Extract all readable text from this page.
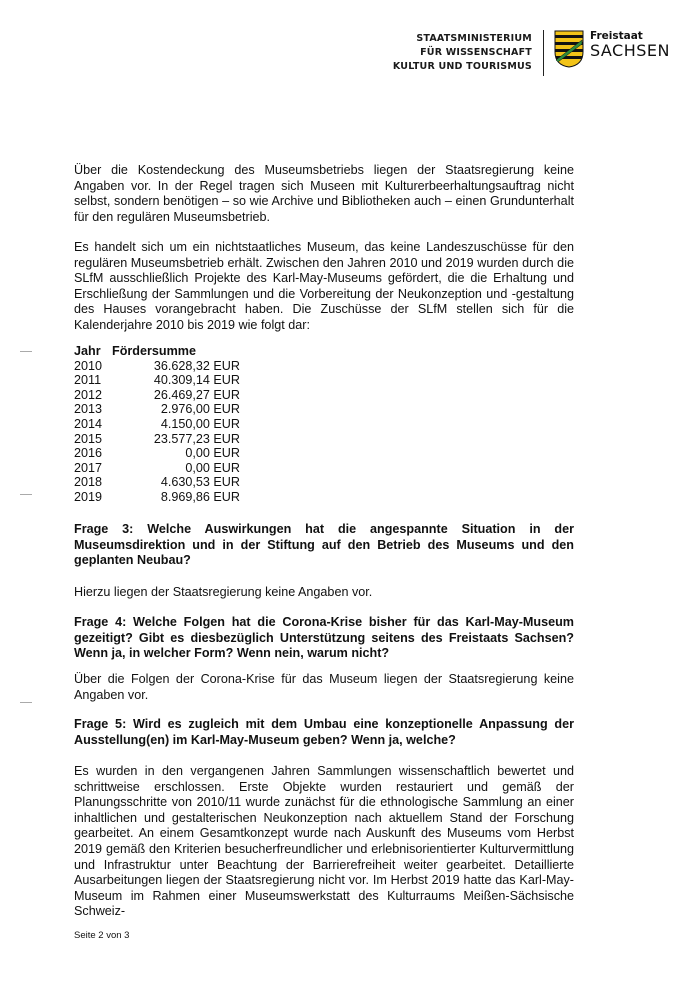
STAATSMINISTERIUM
FÜR WISSENSCHAFT
KULTUR UND TOURISMUS
Freistaat
SACHSEN

Über die Kostendeckung des Museumsbetriebs liegen der Staatsregierung keine Angaben vor. In der Regel tragen sich Museen mit Kulturerbeerhaltungsauftrag nicht selbst, sondern benötigen – so wie Archive und Bibliotheken auch – einen Grundunterhalt für den regulären Museumsbetrieb.

Es handelt sich um ein nichtstaatliches Museum, das keine Landeszuschüsse für den regulären Museumsbetrieb erhält. Zwischen den Jahren 2010 und 2019 wurden durch die SLfM ausschließlich Projekte des Karl-May-Museums gefördert, die die Erhaltung und Erschließung der Sammlungen und die Vorbereitung der Neukonzeption und -gestaltung des Hauses vorangebracht haben. Die Zuschüsse der SLfM stellen sich für die Kalenderjahre 2010 bis 2019 wie folgt dar:

Jahr	Fördersumme
2010	36.628,32 EUR
2011	40.309,14 EUR
2012	26.469,27 EUR
2013	2.976,00 EUR
2014	4.150,00 EUR
2015	23.577,23 EUR
2016	0,00 EUR
2017	0,00 EUR
2018	4.630,53 EUR
2019	8.969,86 EUR

Frage 3: Welche Auswirkungen hat die angespannte Situation in der Museumsdirektion und in der Stiftung auf den Betrieb des Museums und den geplanten Neubau?

Hierzu liegen der Staatsregierung keine Angaben vor.

Frage 4: Welche Folgen hat die Corona-Krise bisher für das Karl-May-Museum gezeitigt? Gibt es diesbezüglich Unterstützung seitens des Freistaats Sachsen? Wenn ja, in welcher Form? Wenn nein, warum nicht?

Über die Folgen der Corona-Krise für das Museum liegen der Staatsregierung keine Angaben vor.

Frage 5: Wird es zugleich mit dem Umbau eine konzeptionelle Anpassung der Ausstellung(en) im Karl-May-Museum geben? Wenn ja, welche?

Es wurden in den vergangenen Jahren Sammlungen wissenschaftlich bewertet und schrittweise erschlossen. Erste Objekte wurden restauriert und gemäß der Planungsschritte von 2010/11 wurde zunächst für die ethnologische Sammlung an einer inhaltlichen und gestalterischen Neukonzeption nach aktuellem Stand der Forschung gearbeitet. An einem Gesamtkonzept wurde nach Auskunft des Museums vom Herbst 2019 gemäß den Kriterien besucherfreundlicher und erlebnisorientierter Kulturvermittlung und Infrastruktur unter Beachtung der Barrierefreiheit weiter gearbeitet. Detaillierte Ausarbeitungen liegen der Staatsregierung nicht vor. Im Herbst 2019 hatte das Karl-May-Museum im Rahmen einer Museumswerkstatt des Kulturraums Meißen-Sächsische Schweiz-

Seite 2 von 3
